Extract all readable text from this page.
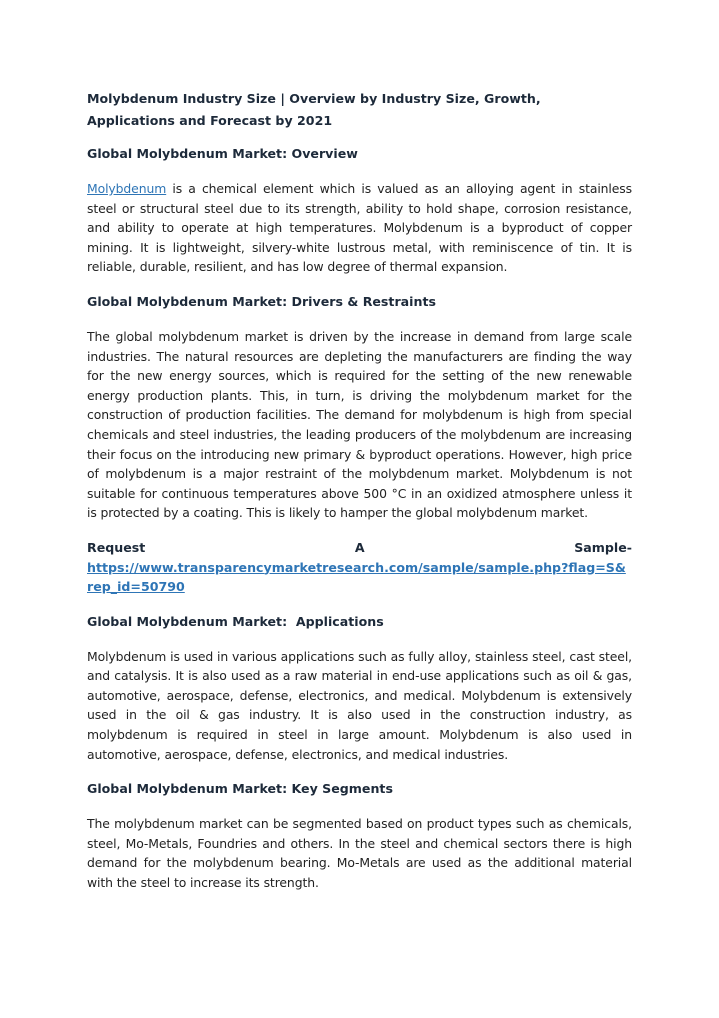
Molybdenum Industry Size | Overview by Industry Size, Growth, Applications and Forecast by 2021
Global Molybdenum Market: Overview
Molybdenum is a chemical element which is valued as an alloying agent in stainless steel or structural steel due to its strength, ability to hold shape, corrosion resistance, and ability to operate at high temperatures. Molybdenum is a byproduct of copper mining. It is lightweight, silvery-white lustrous metal, with reminiscence of tin. It is reliable, durable, resilient, and has low degree of thermal expansion.
Global Molybdenum Market: Drivers & Restraints
The global molybdenum market is driven by the increase in demand from large scale industries. The natural resources are depleting the manufacturers are finding the way for the new energy sources, which is required for the setting of the new renewable energy production plants. This, in turn, is driving the molybdenum market for the construction of production facilities. The demand for molybdenum is high from special chemicals and steel industries, the leading producers of the molybdenum are increasing their focus on the introducing new primary & byproduct operations. However, high price of molybdenum is a major restraint of the molybdenum market. Molybdenum is not suitable for continuous temperatures above 500 °C in an oxidized atmosphere unless it is protected by a coating. This is likely to hamper the global molybdenum market.
Request	A	Sample-
https://www.transparencymarketresearch.com/sample/sample.php?flag=S&rep_id=50790
Global Molybdenum Market:  Applications
Molybdenum is used in various applications such as fully alloy, stainless steel, cast steel, and catalysis. It is also used as a raw material in end-use applications such as oil & gas, automotive, aerospace, defense, electronics, and medical. Molybdenum is extensively used in the oil & gas industry. It is also used in the construction industry, as molybdenum is required in steel in large amount. Molybdenum is also used in automotive, aerospace, defense, electronics, and medical industries.
Global Molybdenum Market: Key Segments
The molybdenum market can be segmented based on product types such as chemicals, steel, Mo-Metals, Foundries and others. In the steel and chemical sectors there is high demand for the molybdenum bearing. Mo-Metals are used as the additional material with the steel to increase its strength.
